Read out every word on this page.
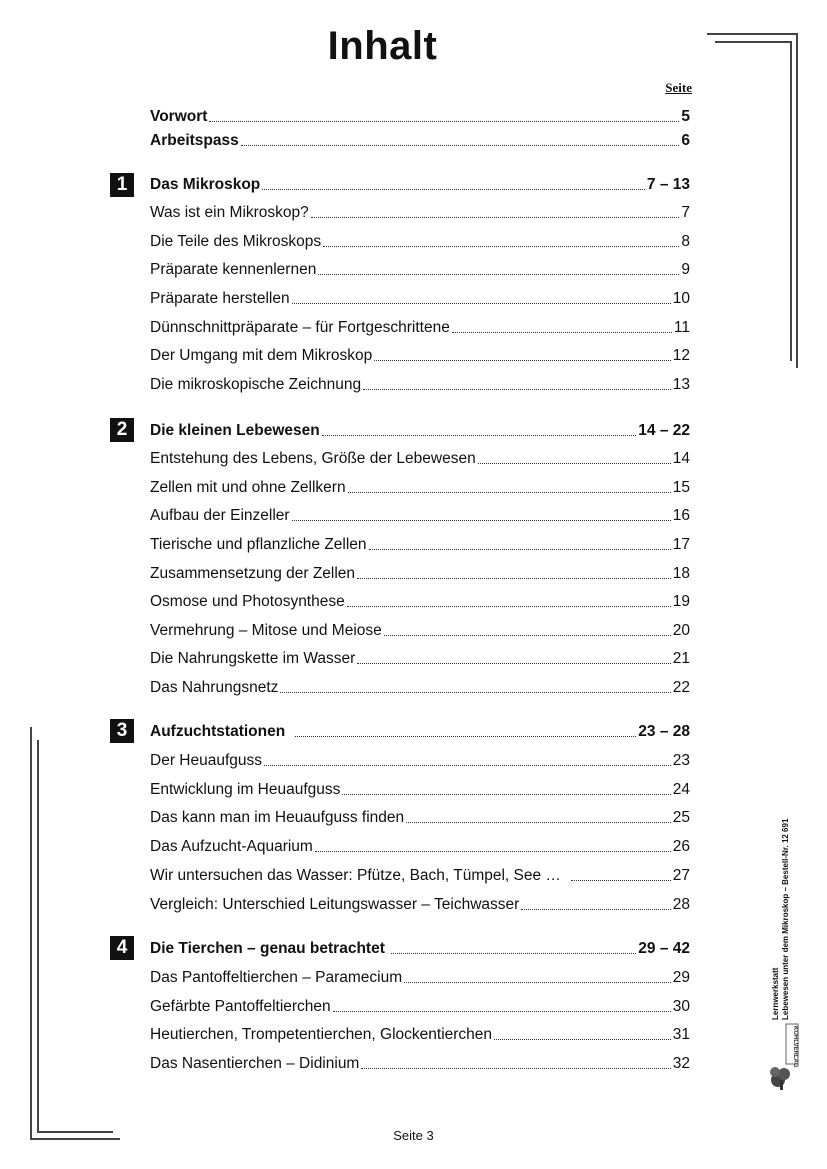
Inhalt
Seite
Vorwort	5
Arbeitspass	6
1	Das Mikroskop	7 – 13
Was ist ein Mikroskop?	7
Die Teile des Mikroskops	8
Präparate kennenlernen	9
Präparate herstellen	10
Dünnschnittpräparate – für Fortgeschrittene	11
Der Umgang mit dem Mikroskop	12
Die mikroskopische Zeichnung	13
2	Die kleinen Lebewesen	14 – 22
Entstehung des Lebens, Größe der Lebewesen	14
Zellen mit und ohne Zellkern	15
Aufbau der Einzeller	16
Tierische und pflanzliche Zellen	17
Zusammensetzung der Zellen	18
Osmose und Photosynthese	19
Vermehrung – Mitose und Meiose	20
Die Nahrungskette im Wasser	21
Das Nahrungsnetz	22
3	Aufzuchtstationen	23 – 28
Der Heuaufguss	23
Entwicklung im Heuaufguss	24
Das kann man im Heuaufguss finden	25
Das Aufzucht-Aquarium	26
Wir untersuchen das Wasser: Pfütze, Bach, Tümpel, See …	27
Vergleich: Unterschied Leitungswasser – Teichwasser	28
4	Die Tierchen – genau betrachtet	29 – 42
Das Pantoffeltierchen – Paramecium	29
Gefärbte Pantoffeltierchen	30
Heutierchen, Trompetentierchen, Glockentierchen	31
Das Nasentierchen – Didinium	32
Lernwerkstatt Lebewesen unter dem Mikroskop – Bestell-Nr. 12 691
KOHLVERLAG
Seite 3
